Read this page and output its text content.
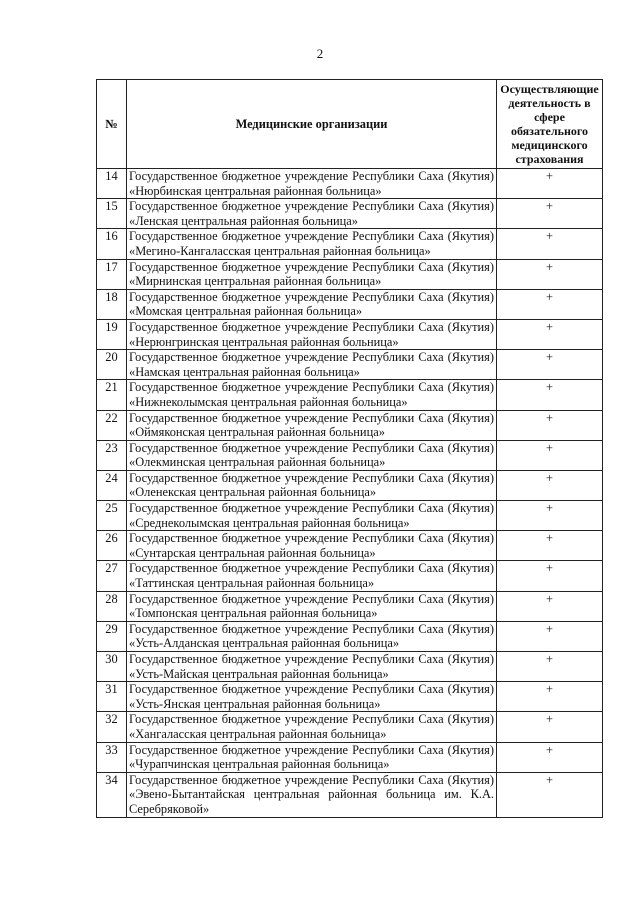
2
№	Медицинские организации	Осуществляющие деятельность в сфере обязательного медицинского страхования
14	Государственное бюджетное учреждение Республики Саха (Якутия) «Нюрбинская центральная районная больница»	+
15	Государственное бюджетное учреждение Республики Саха (Якутия) «Ленская центральная районная больница»	+
16	Государственное бюджетное учреждение Республики Саха (Якутия) «Мегино-Кангаласская центральная районная больница»	+
17	Государственное бюджетное учреждение Республики Саха (Якутия) «Мирнинская центральная районная больница»	+
18	Государственное бюджетное учреждение Республики Саха (Якутия) «Момская центральная районная больница»	+
19	Государственное бюджетное учреждение Республики Саха (Якутия) «Нерюнгринская центральная районная больница»	+
20	Государственное бюджетное учреждение Республики Саха (Якутия) «Намская центральная районная больница»	+
21	Государственное бюджетное учреждение Республики Саха (Якутия) «Нижнеколымская центральная районная больница»	+
22	Государственное бюджетное учреждение Республики Саха (Якутия) «Оймяконская центральная районная больница»	+
23	Государственное бюджетное учреждение Республики Саха (Якутия) «Олекминская центральная районная больница»	+
24	Государственное бюджетное учреждение Республики Саха (Якутия) «Оленекская центральная районная больница»	+
25	Государственное бюджетное учреждение Республики Саха (Якутия) «Среднеколымская центральная районная больница»	+
26	Государственное бюджетное учреждение Республики Саха (Якутия) «Сунтарская центральная районная больница»	+
27	Государственное бюджетное учреждение Республики Саха (Якутия) «Таттинская центральная районная больница»	+
28	Государственное бюджетное учреждение Республики Саха (Якутия) «Томпонская центральная районная больница»	+
29	Государственное бюджетное учреждение Республики Саха (Якутия) «Усть-Алданская центральная районная больница»	+
30	Государственное бюджетное учреждение Республики Саха (Якутия) «Усть-Майская центральная районная больница»	+
31	Государственное бюджетное учреждение Республики Саха (Якутия) «Усть-Янская центральная районная больница»	+
32	Государственное бюджетное учреждение Республики Саха (Якутия) «Хангаласская центральная районная больница»	+
33	Государственное бюджетное учреждение Республики Саха (Якутия) «Чурапчинская центральная районная больница»	+
34	Государственное бюджетное учреждение Республики Саха (Якутия) «Эвено-Бытантайская центральная районная больница им. К.А. Серебряковой»	+
